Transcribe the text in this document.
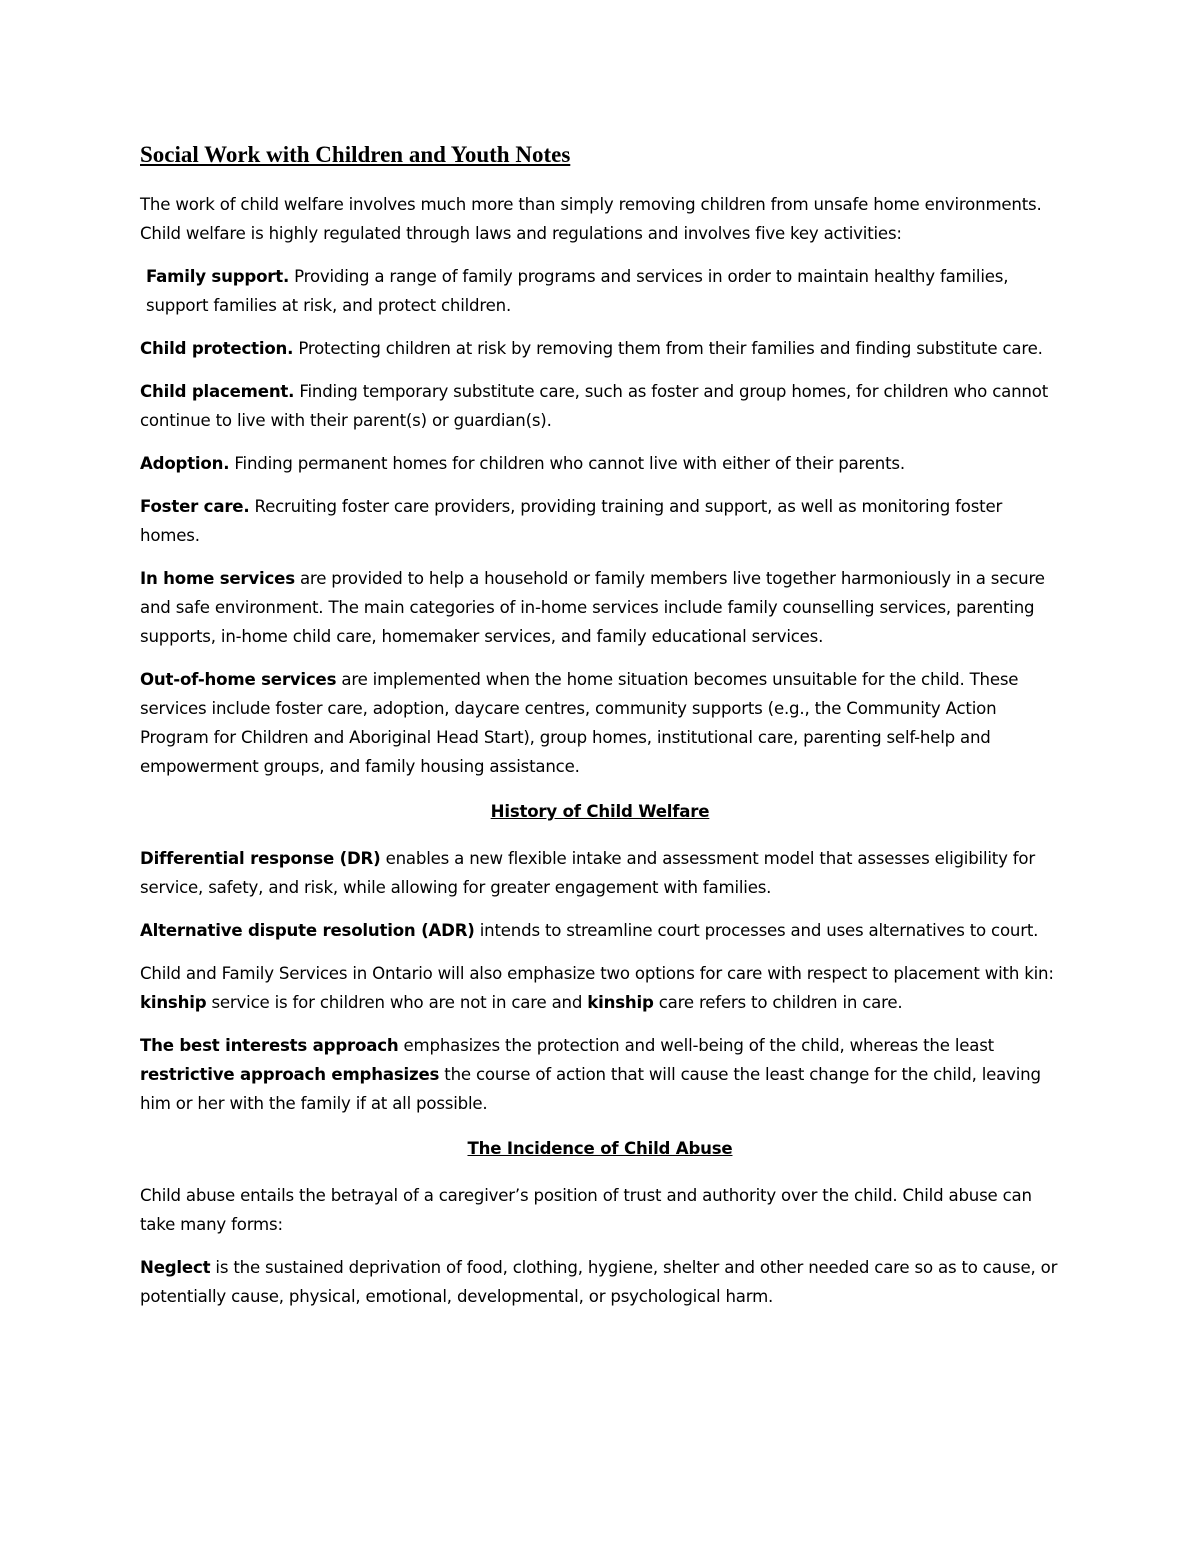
Social Work with Children and Youth Notes

The work of child welfare involves much more than simply removing children from unsafe home environments. Child welfare is highly regulated through laws and regulations and involves five key activities:

Family support. Providing a range of family programs and services in order to maintain healthy families, support families at risk, and protect children.

Child protection. Protecting children at risk by removing them from their families and finding substitute care.

Child placement. Finding temporary substitute care, such as foster and group homes, for children who cannot continue to live with their parent(s) or guardian(s).

Adoption. Finding permanent homes for children who cannot live with either of their parents.

Foster care. Recruiting foster care providers, providing training and support, as well as monitoring foster homes.

In home services are provided to help a household or family members live together harmoniously in a secure and safe environment. The main categories of in-home services include family counselling services, parenting supports, in-home child care, homemaker services, and family educational services.

Out-of-home services are implemented when the home situation becomes unsuitable for the child. These services include foster care, adoption, daycare centres, community supports (e.g., the Community Action Program for Children and Aboriginal Head Start), group homes, institutional care, parenting self-help and empowerment groups, and family housing assistance.

History of Child Welfare

Differential response (DR) enables a new flexible intake and assessment model that assesses eligibility for service, safety, and risk, while allowing for greater engagement with families.

Alternative dispute resolution (ADR) intends to streamline court processes and uses alternatives to court.

Child and Family Services in Ontario will also emphasize two options for care with respect to placement with kin: kinship service is for children who are not in care and kinship care refers to children in care.

The best interests approach emphasizes the protection and well-being of the child, whereas the least restrictive approach emphasizes the course of action that will cause the least change for the child, leaving him or her with the family if at all possible.

The Incidence of Child Abuse

Child abuse entails the betrayal of a caregiver’s position of trust and authority over the child. Child abuse can take many forms:

Neglect is the sustained deprivation of food, clothing, hygiene, shelter and other needed care so as to cause, or potentially cause, physical, emotional, developmental, or psychological harm.
